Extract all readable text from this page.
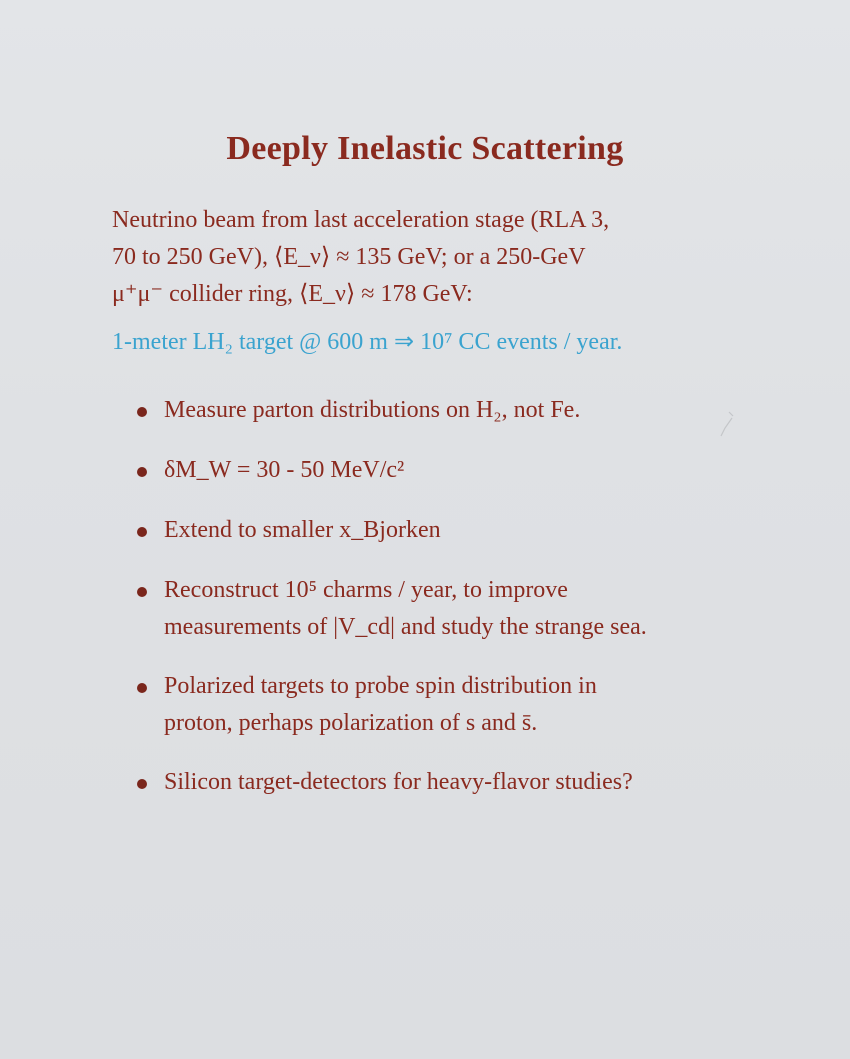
Deeply Inelastic Scattering
Neutrino beam from last acceleration stage (RLA 3,
70 to 250 GeV), ⟨E_ν⟩ ≈ 135 GeV; or a 250-GeV
μ⁺μ⁻ collider ring, ⟨E_ν⟩ ≈ 178 GeV:
1-meter LH₂ target @ 600 m ⇒ 10⁷ CC events / year.
Measure parton distributions on H₂, not Fe.
δM_W = 30 - 50 MeV/c²
Extend to smaller x_Bjorken
Reconstruct 10⁵ charms / year, to improve
measurements of |V_cd| and study the strange sea.
Polarized targets to probe spin distribution in
proton, perhaps polarization of s and s̄.
Silicon target-detectors for heavy-flavor studies?
